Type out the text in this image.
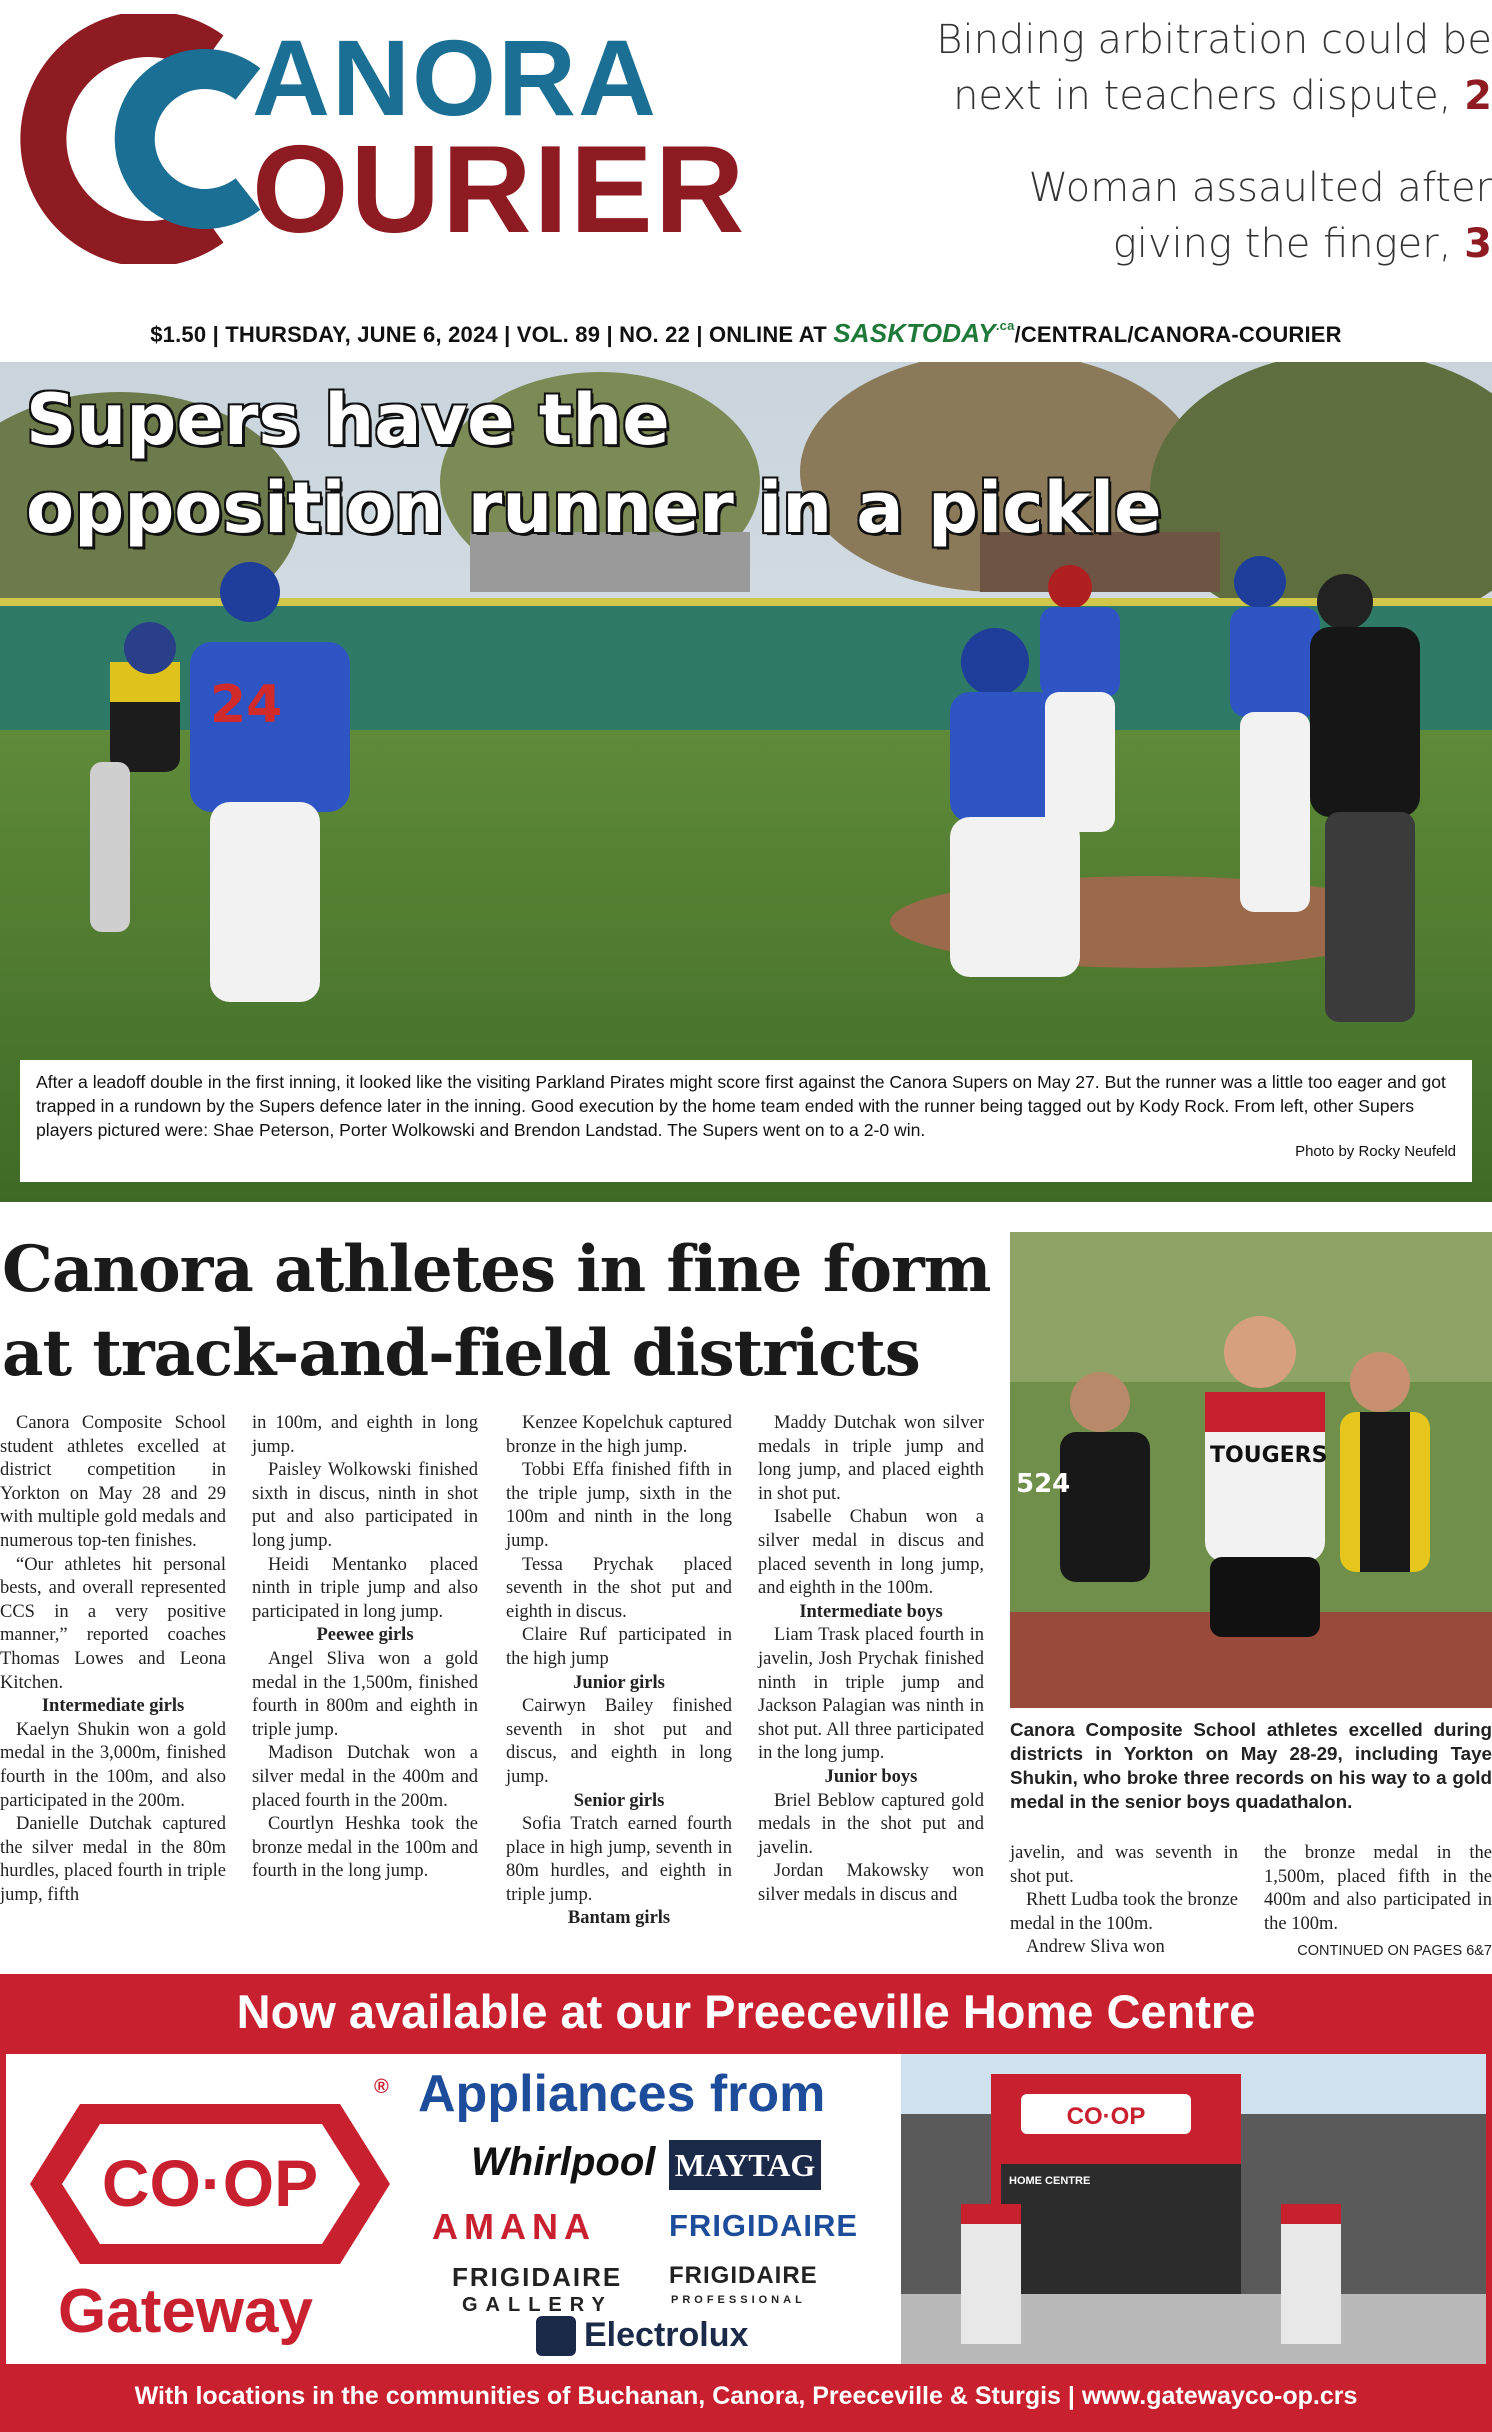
ANORA
OURIER
Binding arbitration could be
next in teachers dispute, 2
Woman assaulted after
giving the finger, 3
$1.50 | THURSDAY, JUNE 6, 2024 | VOL. 89 | NO. 22 | ONLINE AT $SASKTODAY^{.ca}/CENTRAL/CANORA$-COURIER
24
Supers have the
opposition runner in a pickle

After a leadoff double in the first inning, it looked like the visiting Parkland Pirates might score first against the Canora Supers on May 27. But the runner was a little too eager and got trapped in a rundown by the Supers defence later in the inning. Good execution by the home team ended with the runner being tagged out by Kody Rock. From left, other Supers players pictured were: Shae Peterson, Porter Wolkowski and Brendon Landstad. The Supers went on to a 2-0 win.

Photo by Rocky Neufeld

Canora athletes in fine form
at track-and-field districts

Canora Composite School student athletes excelled at district competition in Yorkton on May 28 and 29 with multiple gold medals and numerous top-ten finishes.

“Our athletes hit personal bests, and overall represented CCS in a very positive manner,” reported coaches Thomas Lowes and Leona Kitchen.

Intermediate girls

Kaelyn Shukin won a gold medal in the 3,000m, finished fourth in the 100m, and also participated in the 200m.

Danielle Dutchak captured the silver medal in the 80m hurdles, placed fourth in triple jump, fifth

in 100m, and eighth in long jump.

Paisley Wolkowski finished sixth in discus, ninth in shot put and also participated in long jump.

Heidi Mentanko placed ninth in triple jump and also participated in long jump.

Peewee girls

Angel Sliva won a gold medal in the 1,500m, finished fourth in 800m and eighth in triple jump.

Madison Dutchak won a silver medal in the 400m and placed fourth in the 200m.

Courtlyn Heshka took the bronze medal in the 100m and fourth in the long jump.

Kenzee Kopelchuk captured bronze in the high jump.

Tobbi Effa finished fifth in the triple jump, sixth in the 100m and ninth in the long jump.

Tessa Prychak placed seventh in the shot put and eighth in discus.

Claire Ruf participated in the high jump

Junior girls

Cairwyn Bailey finished seventh in shot put and discus, and eighth in long jump.

Senior girls

Sofia Tratch earned fourth place in high jump, seventh in 80m hurdles, and eighth in triple jump.

Bantam girls

Maddy Dutchak won silver medals in triple jump and long jump, and placed eighth in shot put.

Isabelle Chabun won a silver medal in discus and placed seventh in long jump, and eighth in the 100m.

Intermediate boys

Liam Trask placed fourth in javelin, Josh Prychak finished ninth in triple jump and Jackson Palagian was ninth in shot put. All three participated in the long jump.

Junior boys

Briel Beblow captured gold medals in the shot put and javelin.

Jordan Makowsky won silver medals in discus and

javelin, and was seventh in shot put.

Rhett Ludba took the bronze medal in the 100m.

Andrew Sliva won

the bronze medal in the 1,500m, placed fifth in the 400m and also participated in the 100m.

CONTINUED ON PAGES 6&7

524
TOUGERS
Canora Composite School athletes excelled during districts in Yorkton on May 28-29, including Taye Shukin, who broke three records on his way to a gold medal in the senior boys quadathalon.
Now available at our Preeceville Home Centre
CO·OP
®
Gateway
Appliances from
Whirlpool MAYTAG
AMANA FRIGIDAIRE
FRIGIDAIRE
GALLERY
FRIGIDAIRE
PROFESSIONAL
Electrolux
CO·OP
HOME CENTRE
With locations in the communities of Buchanan, Canora, Preeceville & Sturgis | www.gatewayco-op.crs
